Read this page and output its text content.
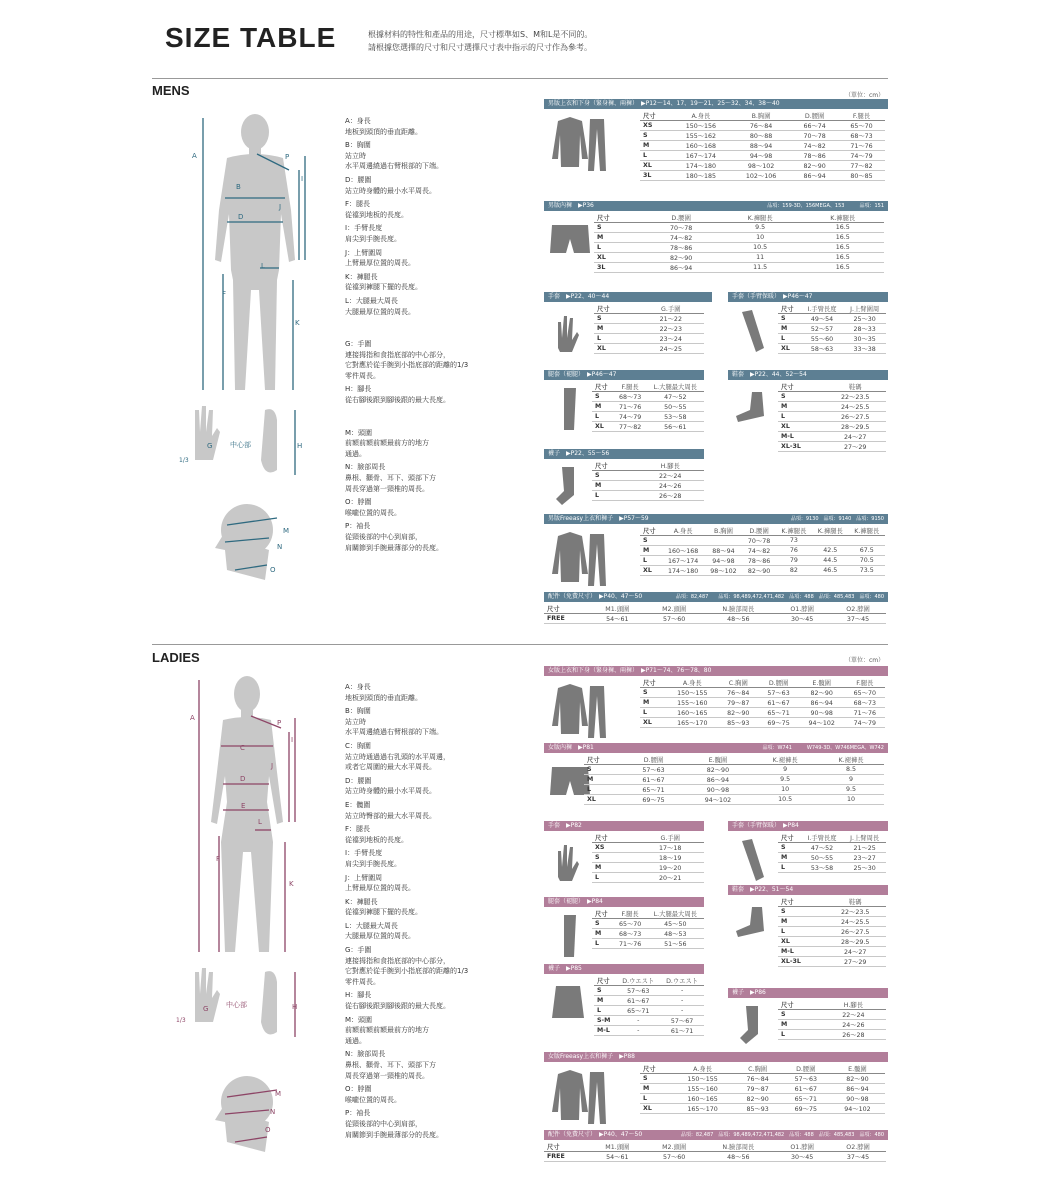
SIZE TABLE	根據材料的特性和產品的用途，尺寸標準如S、M和L是不同的。
請根據您選擇的尺寸和尺寸選擇尺寸表中指示的尺寸作為參考。
MENS	（單位：cm）
A
B
D
F
P
I
J
L
K
G	中心部
1/3
H
M
N
O
A：身長
地板到頭頂的垂直距離。
B：胸圍
站立時
水平周邊繞過右臂根部的下端。
D：腰圍
站立時身體的最小水平周長。
F：腿長
從襠到地板的長度。
I：手臂長度
肩尖到手腕長度。
J：上臂圍周
上臂最厚位置的周長。
K：褲腿長
從襠到褲腿下擺的長度。
L：大腿最大周長
大腿最厚位置的周長。
G：手圍
連接拇指和食指底部的中心部分，
它對應於從手腕到小指底部的距離的1/3
零件周長。
H：腳長
從右腳後跟到腳後跟的最大長度。
M：頭圍
前額前額前額最前方的地方
通過。
N：臉部周長
鼻根、顴骨、耳下、頭部下方
周長穿過第一頸椎的周長。
O：脖圍
喉嚨位置的周長。
P：袖長
從頸後部的中心到肩部，
肩關節到手腕最薄部分的長度。
男版上衣和下身（緊身褲、兩褲）　▶P12～14、17、19～21、25～32、34、38～40
尺寸	A.身長	B.胸圍	D.腰圍	F.腿長
XS	150～156	76～84	66～74	65～70
S	155～162	80～88	70～78	68～73
M	160～168	88～94	74～82	71～76
L	167～174	94～98	78～86	74～79
XL	174～180	98～102	82～90	77～82
3L	180～185	102～106	86～94	80～85
男版內褲　▶P36	品項：159-3D、156MEGA、153　　　品項：151
尺寸	D.腰圍	K.褲腿長	K.褲腿長
S	70～78	9.5	16.5
M	74～82	10	16.5
L	78～86	10.5	16.5
XL	82～90	11	16.5
3L	86～94	11.5	16.5
手套　▶P22、40～44
尺寸	G.手圍
S	21～22
M	22～23
L	23～24
XL	24～25
手套（手臂保暖）　▶P46～47
尺寸	I.手臂長度	J.上臂圍周
S	49～54	25～30
M	52～57	28～33
L	55～60	30～35
XL	58～63	33～38
腿套（褪腿）　▶P46～47
尺寸	F.腿長	L.大腿最大周長
S	68～73	47～52
M	71～76	50～55
L	74～79	53～58
XL	77～82	56～61
鞋套　▶P22、44、52～54
尺寸	鞋碼
S	22～23.5
M	24～25.5
L	26～27.5
XL	28～29.5
M-L	24～27
XL-3L	27～29
襪子　▶P22、55～56
尺寸	H.腳長
S	22～24
M	24～26
L	26～28
男版Freeasy上衣和褲子　▶P57～59	品項：9130　品項：9140　品項：9150
尺寸	A.身長	B.胸圍	D.腰圍	K.褲腿長	K.褲腿長	K.褲腿長
S			70～78	73		
M	160～168	88～94	74～82	76	42.5	67.5
L	167～174	94～98	78～86	79	44.5	70.5
XL	174～180	98～102	82～90	82	46.5	73.5
配件（免費尺寸）　▶P40、47～50	品項：82,487　　品項：98,489,472,471,482　品項：488　品項：485,483　品項：480
尺寸	M1.頭圍	M2.頭圍	N.臉部周長	O1.脖圍	O2.脖圍
FREE	54～61	57～60	48～56	30～45	37～45
LADIES	（單位：cm）
A
C
D
E
F
P
I
J
L
K
G	中心部
1/3
H
M
N
O
A：身長
地板到頭頂的垂直距離。
B：胸圍
站立時
水平周邊繞過右臂根部的下端。
C：胸圍
站立時通過過右乳頭的水平周邊，
或者它周圍的最大水平周長。
D：腰圍
站立時身體的最小水平周長。
E：髖圍
站立時臀部的最大水平周長。
F：腿長
從襠到地板的長度。
I：手臂長度
肩尖到手腕長度。
J：上臂圍周
上臂最厚位置的周長。
K：褲腿長
從襠到褲腿下擺的長度。
L：大腿最大周長
大腿最厚位置的周長。
G：手圍
連接拇指和食指底部的中心部分，
它對應於從手腕到小指底部的距離的1/3
零件周長。
H：腳長
從右腳後跟到腳後跟的最大長度。
M：頭圍
前額前額前額最前方的地方
通過。
N：臉部周長
鼻根、顴骨、耳下、頭部下方
周長穿過第一頸椎的周長。
O：脖圍
喉嚨位置的周長。
P：袖長
從頸後部的中心到肩部，
肩關節到手腕最薄部分的長度。
女版上衣和下身（緊身褲、兩褲）　▶P71～74、76～78、80
尺寸	A.身長	C.胸圍	D.腰圍	E.髖圍	F.腿長
S	150～155	76～84	57～63	82～90	65～70
M	155～160	79～87	61～67	86～94	68～73
L	160～165	82～90	65～71	90～98	71～76
XL	165～170	85～93	69～75	94～102	74～79
女版內褲　▶P81	品項：W741　　　W749-3D、W746MEGA、W742
尺寸	D.腰圍	E.髖圍	K.褪褲長	K.褪褲長
S	57～63	82～90	9	8.5
M	61～67	86～94	9.5	9
L	65～71	90～98	10	9.5
XL	69～75	94～102	10.5	10
手套　▶P82
尺寸	G.手圍
XS	17～18
S	18～19
M	19～20
L	20～21
手套（手臂保暖）　▶P84
尺寸	I.手臂長度	J.上臂周長
S	47～52	21～25
M	50～55	23～27
L	53～58	25～30
腿套（褪腿）　▶P84
尺寸	F.腿長	L.大腿最大周長
S	65～70	45～50
M	68～73	48～53
L	71～76	51～56
鞋套　▶P22、51～54
尺寸	鞋碼
S	22～23.5
M	24～25.5
L	26～27.5
XL	28～29.5
M-L	24～27
XL-3L	27～29
襪子　▶P85
尺寸	D.ウエスト	D.ウエスト
S	57～63	-
M	61～67	-
L	65～71	-
S-M	-	57～67
M-L	-	61～71
襪子　▶P86
尺寸	H.腳長
S	22～24
M	24～26
L	26～28
女版Freeasy上衣和褲子　▶P88
尺寸	A.身長	C.胸圍	D.腰圍	E.髖圍
S	150～155	76～84	57～63	82～90
M	155～160	79～87	61～67	86～94
L	160～165	82～90	65～71	90～98
XL	165～170	85～93	69～75	94～102
配件（免費尺寸）　▶P40、47～50	品項：82,487　品項：98,489,472,471,482　品項：488　品項：485,483　品項：480
尺寸	M1.頭圍	M2.頭圍	N.臉部周長	O1.脖圍	O2.脖圍
FREE	54～61	57～60	48～56	30～45	37～45
